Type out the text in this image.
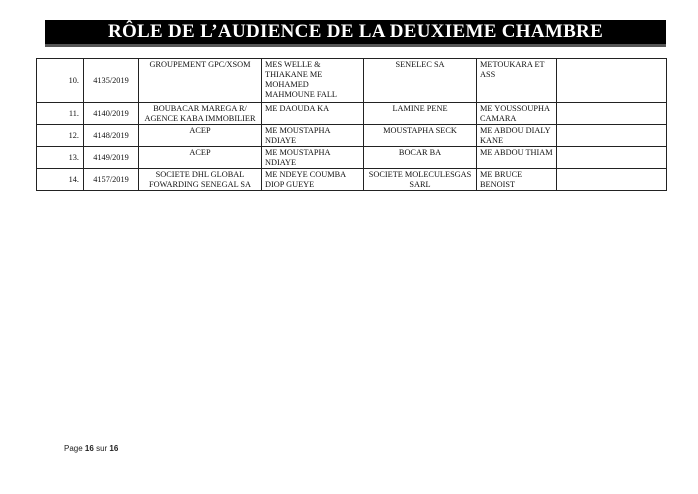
RÔLE DE L’AUDIENCE DE LA DEUXIEME CHAMBRE
10.	4135/2019	GROUPEMENT GPC/XSOM	MES WELLE & THIAKANE ME MOHAMED MAHMOUNE FALL	SENELEC SA	METOUKARA ET ASS	
11.	4140/2019	BOUBACAR MAREGA R/ AGENCE KABA IMMOBILIER	ME DAOUDA KA	LAMINE PENE	ME YOUSSOUPHA CAMARA	
12.	4148/2019	ACEP	ME MOUSTAPHA NDIAYE	MOUSTAPHA SECK	ME ABDOU DIALY KANE	
13.	4149/2019	ACEP	ME MOUSTAPHA NDIAYE	BOCAR BA	ME ABDOU THIAM	
14.	4157/2019	SOCIETE DHL GLOBAL FOWARDING SENEGAL SA	ME NDEYE COUMBA DIOP GUEYE	SOCIETE MOLECULESGAS SARL	ME BRUCE BENOIST	
Page 16 sur 16
